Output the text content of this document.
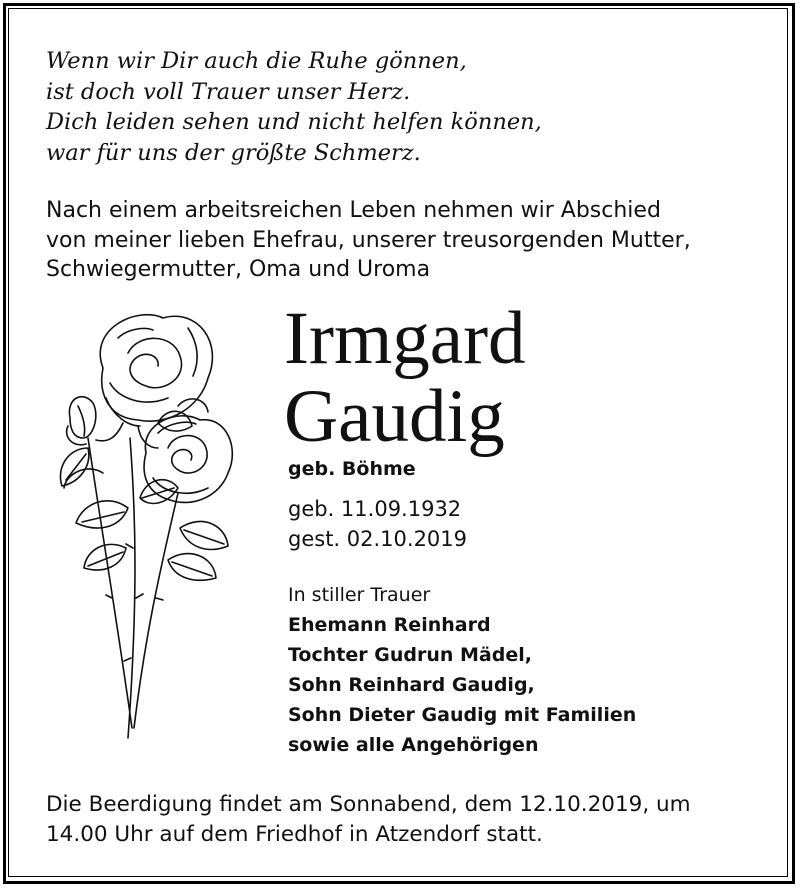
Wenn wir Dir auch die Ruhe gönnen,
ist doch voll Trauer unser Herz.
Dich leiden sehen und nicht helfen können,
war für uns der größte Schmerz.

Nach einem arbeitsreichen Leben nehmen wir Abschied
von meiner lieben Ehefrau, unserer treusorgenden Mutter,
Schwiegermutter, Oma und Uroma

Irmgard
Gaudig
geb. Böhme
geb. 11.09.1932
gest. 02.10.2019
In stiller Trauer
Ehemann Reinhard
Tochter Gudrun Mädel,
Sohn Reinhard Gaudig,
Sohn Dieter Gaudig mit Familien
sowie alle Angehörigen

Die Beerdigung findet am Sonnabend, dem 12.10.2019, um
14.00 Uhr auf dem Friedhof in Atzendorf statt.
